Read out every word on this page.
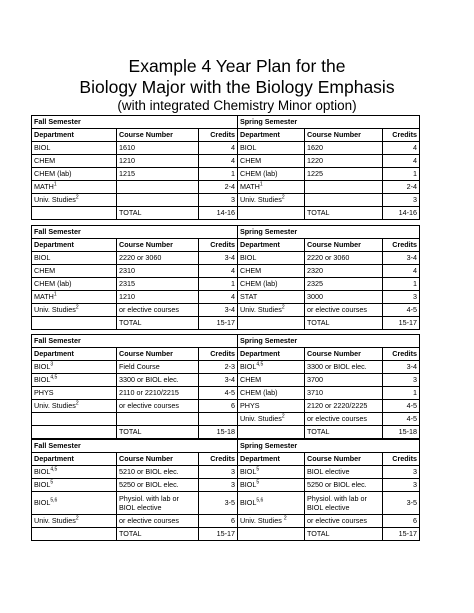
Example 4 Year Plan for the
Biology Major with the Biology Emphasis
(with integrated Chemistry Minor option)
Fall Semester			Spring Semester		
Department	Course Number	Credits	Department	Course Number	Credits
BIOL	1610	4	BIOL	1620	4
CHEM	1210	4	CHEM	1220	4
CHEM (lab)	1215	1	CHEM (lab)	1225	1
MATH$^1$		2-4	MATH$^1$		2-4
Univ. Studies$^2$		3	Univ. Studies$^2$		3
	TOTAL	14-16		TOTAL	14-16
Fall Semester			Spring Semester		
Department	Course Number	Credits	Department	Course Number	Credits
BIOL	2220 or 3060	3-4	BIOL	2220 or 3060	3-4
CHEM	2310	4	CHEM	2320	4
CHEM (lab)	2315	1	CHEM (lab)	2325	1
MATH$^1$	1210	4	STAT	3000	3
Univ. Studies$^2$	or elective courses	3-4	Univ. Studies$^2$	or elective courses	4-5
	TOTAL	15-17		TOTAL	15-17
Fall Semester			Spring Semester		
Department	Course Number	Credits	Department	Course Number	Credits
BIOL$^3$	Field Course	2-3	BIOL$^{4,5}$	3300 or BIOL elec.	3-4
BIOL$^{4,5}$	3300 or BIOL elec.	3-4	CHEM	3700	3
PHYS	2110 or 2210/2215	4-5	CHEM (lab)	3710	1
Univ. Studies$^2$	or elective courses	6	PHYS	2120 or 2220/2225	4-5
			Univ. Studies$^2$	or elective courses	4-5
	TOTAL	15-18		TOTAL	15-18
Fall Semester			Spring Semester		
Department	Course Number	Credits	Department	Course Number	Credits
BIOL$^{4,5}$	5210 or BIOL elec.	3	BIOL$^5$	BIOL elective	3
BIOL$^5$	5250 or BIOL elec.	3	BIOL$^5$	5250 or BIOL elec.	3
BIOL$^{5,6}$	Physiol. with lab or BIOL elective	3-5	BIOL$^{5,6}$	Physiol. with lab or BIOL elective	3-5
Univ. Studies$^2$	or elective courses	6	Univ. Studies $^2$	or elective courses	6
	TOTAL	15-17		TOTAL	15-17
